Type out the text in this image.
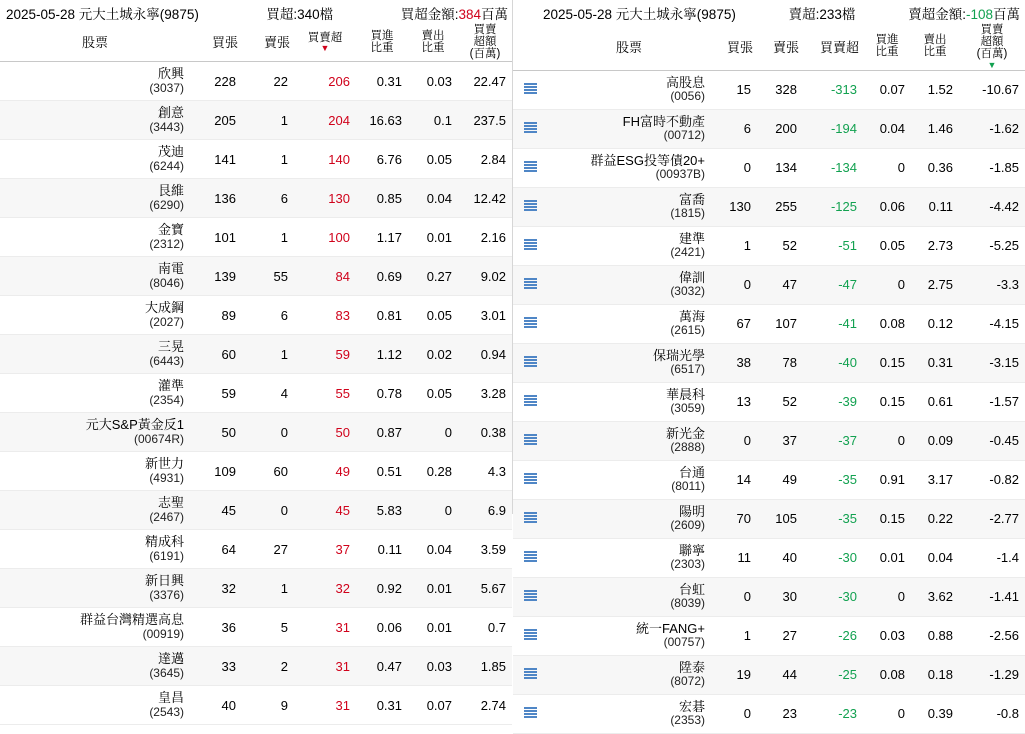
2025-05-28 元大土城永寧(9875)	買超:340檔	買超金額:384百萬
股票	買張	賣張	買賣超
▼	買進
比重	賣出
比重	買賣
超額
(百萬)

欣興
(3037)	228	22	206	0.31	0.03	22.47

創意
(3443)	205	1	204	16.63	0.1	237.5

茂迪
(6244)	141	1	140	6.76	0.05	2.84

艮維
(6290)	136	6	130	0.85	0.04	12.42

金寶
(2312)	101	1	100	1.17	0.01	2.16

南電
(8046)	139	55	84	0.69	0.27	9.02

大成鋼
(2027)	89	6	83	0.81	0.05	3.01

三晃
(6443)	60	1	59	1.12	0.02	0.94

灌準
(2354)	59	4	55	0.78	0.05	3.28

元大S&P黃金反1
(00674R)	50	0	50	0.87	0	0.38

新世力
(4931)	109	60	49	0.51	0.28	4.3

志聖
(2467)	45	0	45	5.83	0	6.9

精成科
(6191)	64	27	37	0.11	0.04	3.59

新日興
(3376)	32	1	32	0.92	0.01	5.67

群益台灣精選高息
(00919)	36	5	31	0.06	0.01	0.7

達邁
(3645)	33	2	31	0.47	0.03	1.85

皇昌
(2543)	40	9	31	0.31	0.07	2.74
2025-05-28 元大土城永寧(9875)	賣超:233檔	賣超金額:-108百萬
	股票	買張	賣張	買賣超	買進
比重	賣出
比重	買賣
超額
(百萬)
▼

	高股息
(0056)	15	328	-313	0.07	1.52	-10.67

	FH富時不動產
(00712)	6	200	-194	0.04	1.46	-1.62

	群益ESG投等債20+
(00937B)	0	134	-134	0	0.36	-1.85

	富喬
(1815)	130	255	-125	0.06	0.11	-4.42

	建準
(2421)	1	52	-51	0.05	2.73	-5.25

	偉訓
(3032)	0	47	-47	0	2.75	-3.3

	萬海
(2615)	67	107	-41	0.08	0.12	-4.15

	保瑞光學
(6517)	38	78	-40	0.15	0.31	-3.15

	華晨科
(3059)	13	52	-39	0.15	0.61	-1.57

	新光金
(2888)	0	37	-37	0	0.09	-0.45

	台通
(8011)	14	49	-35	0.91	3.17	-0.82

	陽明
(2609)	70	105	-35	0.15	0.22	-2.77

	聯寧
(2303)	11	40	-30	0.01	0.04	-1.4

	台虹
(8039)	0	30	-30	0	3.62	-1.41

	統一FANG+
(00757)	1	27	-26	0.03	0.88	-2.56

	陞泰
(8072)	19	44	-25	0.08	0.18	-1.29

	宏碁
(2353)	0	23	-23	0	0.39	-0.8
